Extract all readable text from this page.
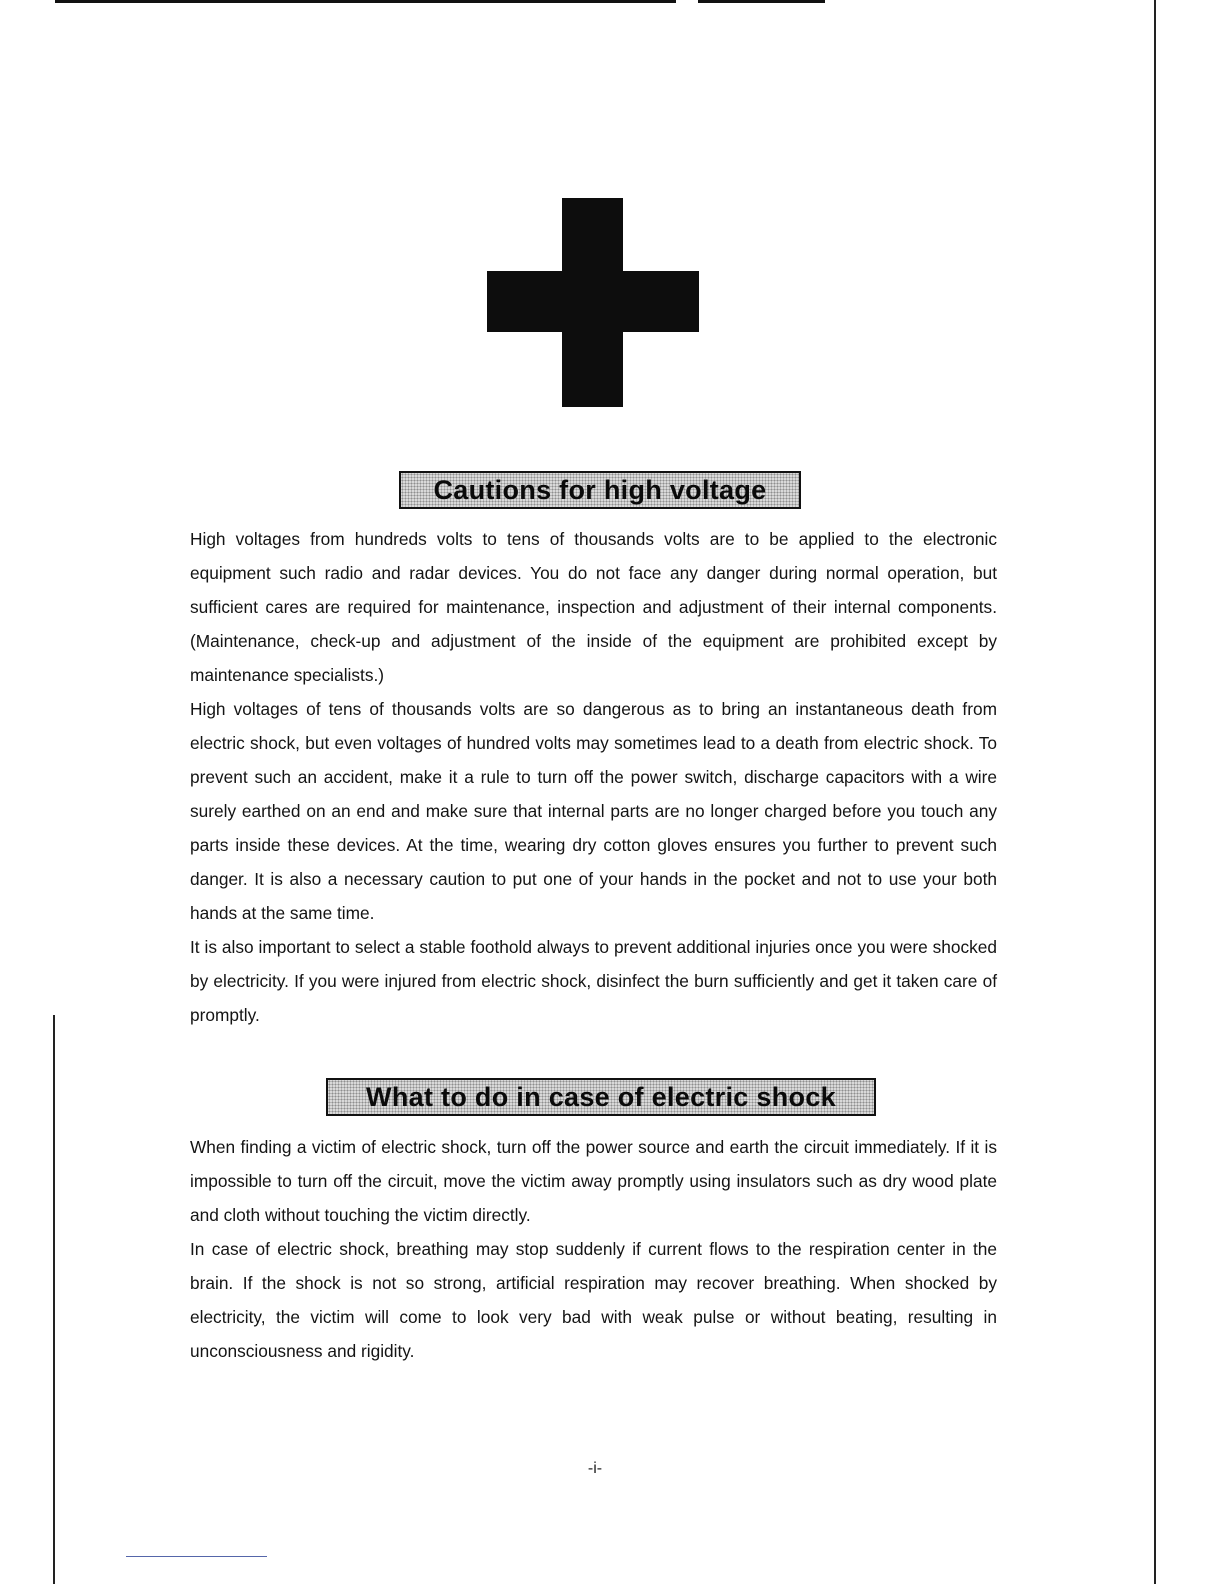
Cautions for high voltage

High voltages from hundreds volts to tens of thousands volts are to be applied to the electronic equipment such radio and radar devices. You do not face any danger during normal operation, but sufficient cares are required for maintenance, inspection and adjustment of their internal components. (Maintenance, check-up and adjustment of the inside of the equipment are prohibited except by maintenance specialists.)

High voltages of tens of thousands volts are so dangerous as to bring an instantaneous death from electric shock, but even voltages of hundred volts may sometimes lead to a death from electric shock. To prevent such an accident, make it a rule to turn off the power switch, discharge capacitors with a wire surely earthed on an end and make sure that internal parts are no longer charged before you touch any parts inside these devices. At the time, wearing dry cotton gloves ensures you further to prevent such danger. It is also a necessary caution to put one of your hands in the pocket and not to use your both hands at the same time.

It is also important to select a stable foothold always to prevent additional injuries once you were shocked by electricity. If you were injured from electric shock, disinfect the burn sufficiently and get it taken care of promptly.

What to do in case of electric shock

When finding a victim of electric shock, turn off the power source and earth the circuit immediately. If it is impossible to turn off the circuit, move the victim away promptly using insulators such as dry wood plate and cloth without touching the victim directly.

In case of electric shock, breathing may stop suddenly if current flows to the respiration center in the brain. If the shock is not so strong, artificial respiration may recover breathing. When shocked by electricity, the victim will come to look very bad with weak pulse or without beating, resulting in unconsciousness and rigidity.

-i-
